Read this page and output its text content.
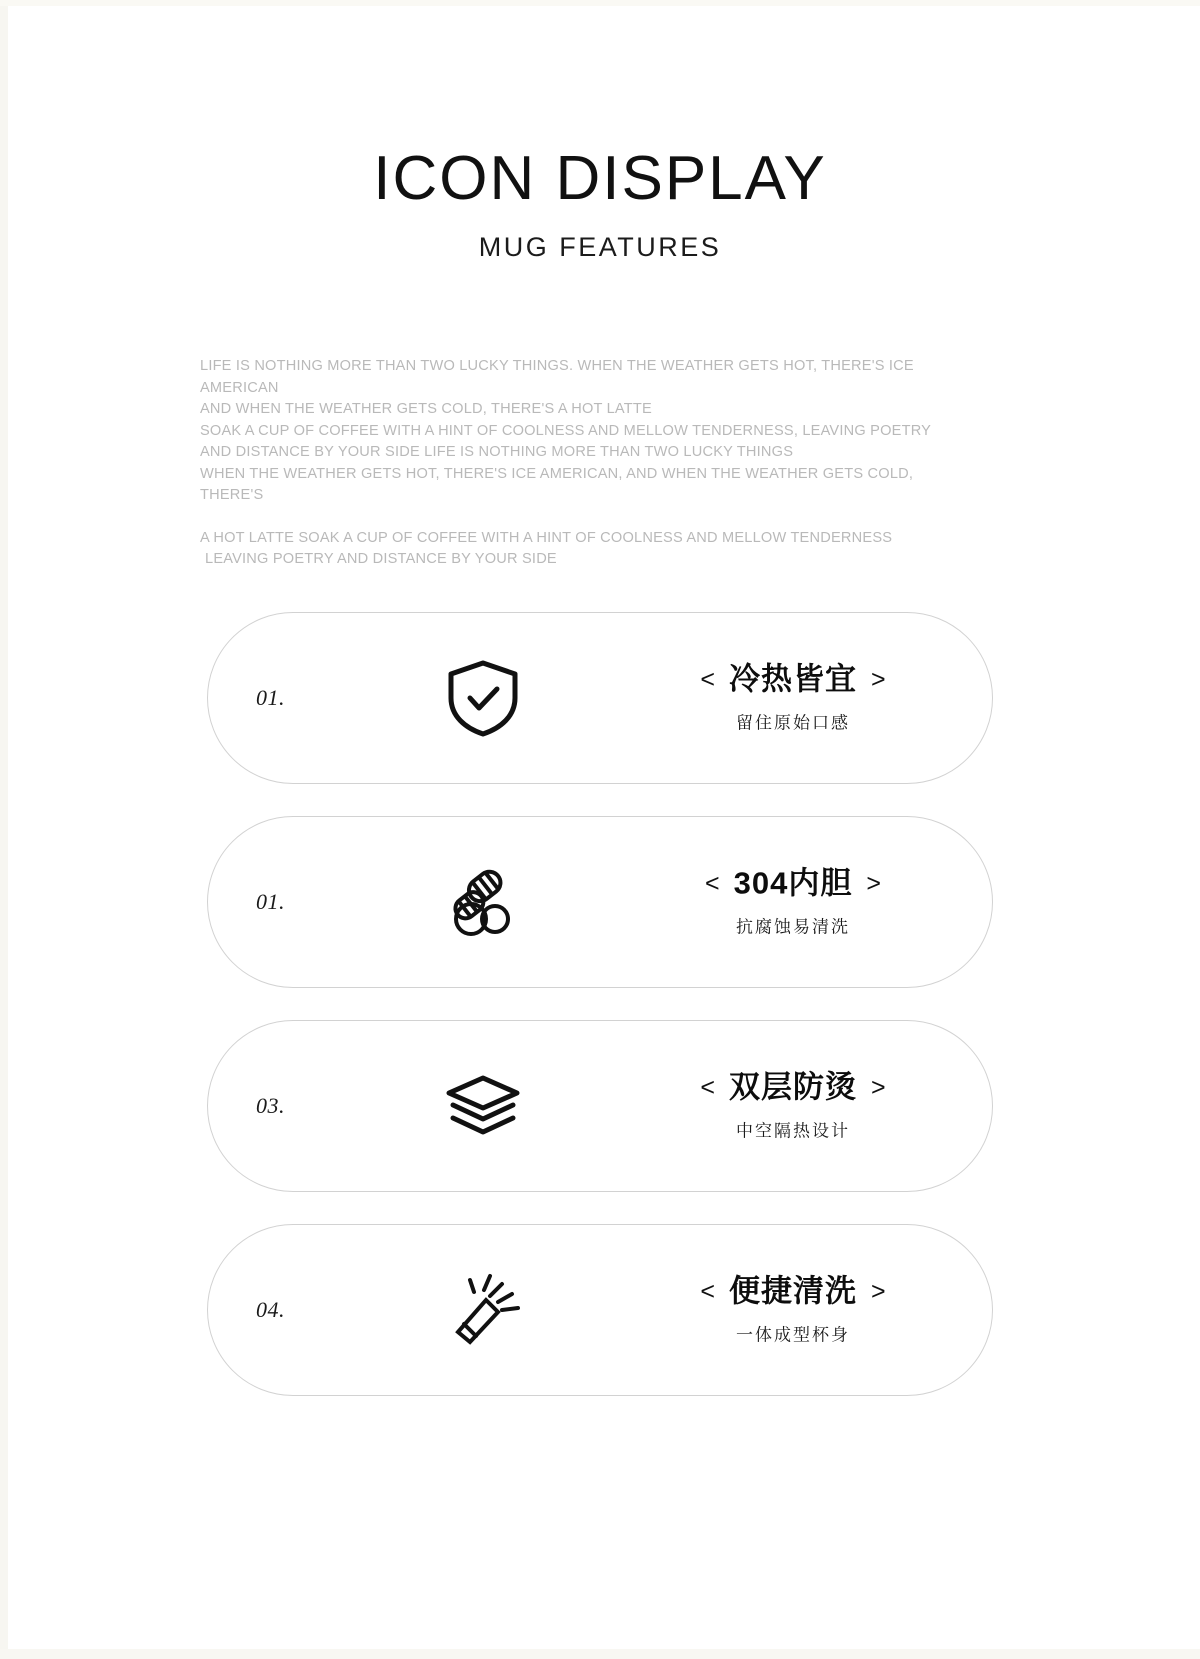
ICON DISPLAY
MUG FEATURES
LIFE IS NOTHING MORE THAN TWO LUCKY THINGS. WHEN THE WEATHER GETS HOT, THERE'S ICE AMERICAN
AND WHEN THE WEATHER GETS COLD, THERE'S A HOT LATTE
SOAK A CUP OF COFFEE WITH A HINT OF COOLNESS AND MELLOW TENDERNESS, LEAVING POETRY
AND DISTANCE BY YOUR SIDE LIFE IS NOTHING MORE THAN TWO LUCKY THINGS
WHEN THE WEATHER GETS HOT, THERE'S ICE AMERICAN, AND WHEN THE WEATHER GETS COLD, THERE'S
A HOT LATTE SOAK A CUP OF COFFEE WITH A HINT OF COOLNESS AND MELLOW TENDERNESS
LEAVING POETRY AND DISTANCE BY YOUR SIDE
01.
< 冷热皆宜 >
留住原始口感
01.
< 304内胆 >
抗腐蚀易清洗
03.
< 双层防烫 >
中空隔热设计
04.
< 便捷清洗 >
一体成型杯身
